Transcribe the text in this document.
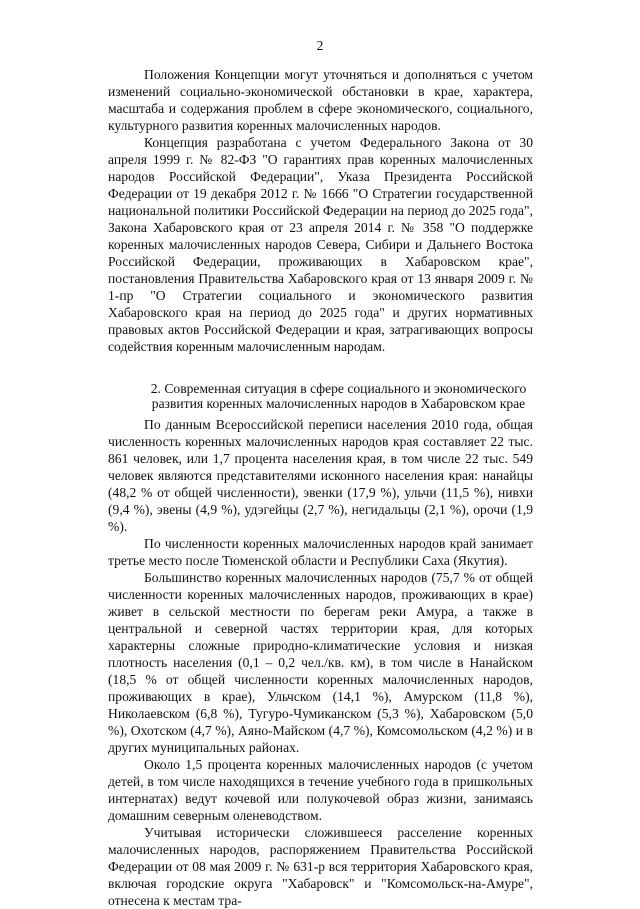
2

Положения Концепции могут уточняться и дополняться с учетом изменений социально-экономической обстановки в крае, характера, масштаба и содержания проблем в сфере экономического, социального, культурного развития коренных малочисленных народов.

Концепция разработана с учетом Федерального Закона от 30 апреля 1999 г. № 82-ФЗ "О гарантиях прав коренных малочисленных народов Российской Федерации", Указа Президента Российской Федерации от 19 декабря 2012 г. № 1666 "О Стратегии государственной национальной политики Российской Федерации на период до 2025 года", Закона Хабаровского края от 23 апреля 2014 г. № 358 "О поддержке коренных малочисленных народов Севера, Сибири и Дальнего Востока Российской Федерации, проживающих в Хабаровском крае", постановления Правительства Хабаровского края от 13 января 2009 г. № 1-пр "О Стратегии социального и экономического развития Хабаровского края на период до 2025 года" и других нормативных правовых актов Российской Федерации и края, затрагивающих вопросы содействия коренным малочисленным народам.

2. Современная ситуация в сфере социального и экономического развития коренных малочисленных народов в Хабаровском крае

По данным Всероссийской переписи населения 2010 года, общая численность коренных малочисленных народов края составляет 22 тыс. 861 человек, или 1,7 процента населения края, в том числе 22 тыс. 549 человек являются представителями исконного населения края: нанайцы (48,2 % от общей численности), эвенки (17,9 %), ульчи (11,5 %), нивхи (9,4 %), эвены (4,9 %), удэгейцы (2,7 %), негидальцы (2,1 %), орочи (1,9 %).

По численности коренных малочисленных народов край занимает третье место после Тюменской области и Республики Саха (Якутия).

Большинство коренных малочисленных народов (75,7 % от общей численности коренных малочисленных народов, проживающих в крае) живет в сельской местности по берегам реки Амура, а также в центральной и северной частях территории края, для которых характерны сложные природно-климатические условия и низкая плотность населения (0,1 – 0,2 чел./кв. км), в том числе в Нанайском (18,5 % от общей численности коренных малочисленных народов, проживающих в крае), Ульчском (14,1 %), Амурском (11,8 %), Николаевском (6,8 %), Тугуро-Чумиканском (5,3 %), Хабаровском (5,0 %), Охотском (4,7 %), Аяно-Майском (4,7 %), Комсомольском (4,2 %) и в других муниципальных районах.

Около 1,5 процента коренных малочисленных народов (с учетом детей, в том числе находящихся в течение учебного года в пришкольных интернатах) ведут кочевой или полукочевой образ жизни, занимаясь домашним северным оленеводством.

Учитывая исторически сложившееся расселение коренных малочисленных народов, распоряжением Правительства Российской Федерации от 08 мая 2009 г. № 631-р вся территория Хабаровского края, включая городские округа "Хабаровск" и "Комсомольск-на-Амуре", отнесена к местам тра-
